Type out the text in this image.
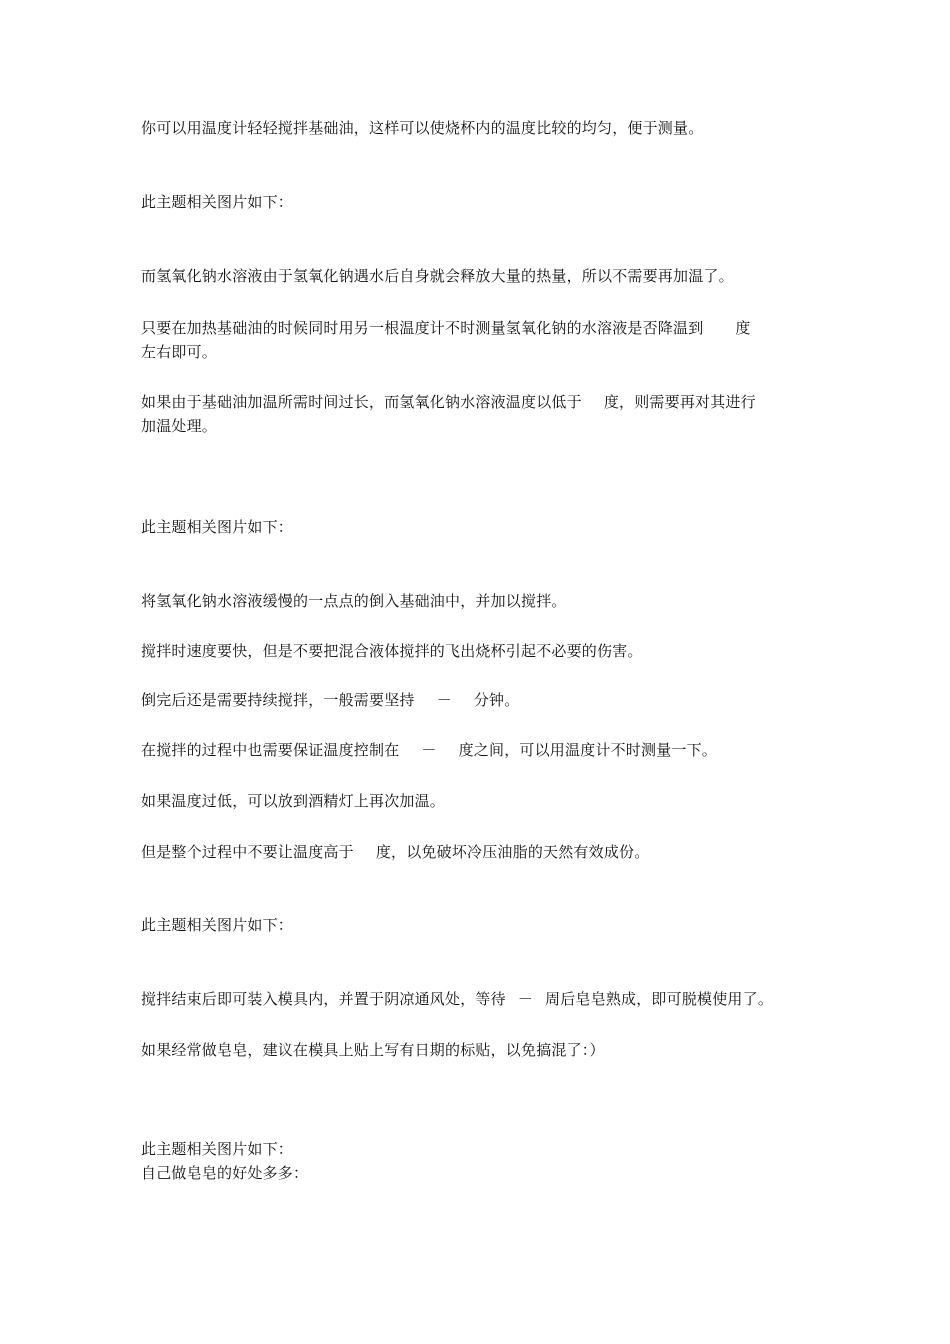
你可以用温度计轻轻搅拌基础油，这样可以使烧杯内的温度比较的均匀，便于测量。
此主题相关图片如下：
而氢氧化钠水溶液由于氢氧化钠遇水后自身就会释放大量的热量，所以不需要再加温了。
只要在加热基础油的时候同时用另一根温度计不时测量氢氧化钠的水溶液是否降温到 度
左右即可。
如果由于基础油加温所需时间过长，而氢氧化钠水溶液温度以低于 度，则需要再对其进行
加温处理。
此主题相关图片如下：
将氢氧化钠水溶液缓慢的一点点的倒入基础油中，并加以搅拌。
搅拌时速度要快，但是不要把混合液体搅拌的飞出烧杯引起不必要的伤害。
倒完后还是需要持续搅拌，一般需要坚持 － 分钟。
在搅拌的过程中也需要保证温度控制在 － 度之间，可以用温度计不时测量一下。
如果温度过低，可以放到酒精灯上再次加温。
但是整个过程中不要让温度高于 度，以免破坏冷压油脂的天然有效成份。
此主题相关图片如下：
搅拌结束后即可装入模具内，并置于阴凉通风处，等待 － 周后皂皂熟成，即可脱模使用了。
如果经常做皂皂，建议在模具上贴上写有日期的标贴，以免搞混了：）
此主题相关图片如下：
自己做皂皂的好处多多：
